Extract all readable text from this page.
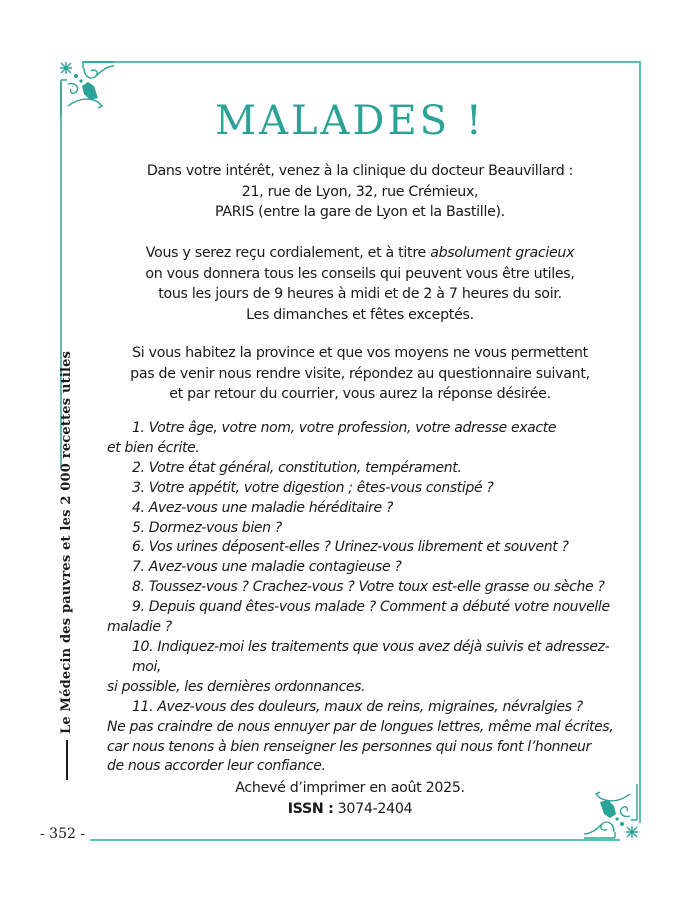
MALADES !
Dans votre intérêt, venez à la clinique du docteur Beauvillard :
21, rue de Lyon, 32, rue Crémieux,
PARIS (entre la gare de Lyon et la Bastille).
Vous y serez reçu cordialement, et à titre absolument gracieux
on vous donnera tous les conseils qui peuvent vous être utiles,
tous les jours de 9 heures à midi et de 2 à 7 heures du soir.
Les dimanches et fêtes exceptés.
Si vous habitez la province et que vos moyens ne vous permettent
pas de venir nous rendre visite, répondez au questionnaire suivant,
et par retour du courrier, vous aurez la réponse désirée.

1. Votre âge, votre nom, votre profession, votre adresse exacte

et bien écrite.

2. Votre état général, constitution, tempérament.

3. Votre appétit, votre digestion ; êtes-vous constipé ?

4. Avez-vous une maladie héréditaire ?

5. Dormez-vous bien ?

6. Vos urines déposent-elles ? Urinez-vous librement et souvent ?

7. Avez-vous une maladie contagieuse ?

8. Toussez-vous ? Crachez-vous ? Votre toux est-elle grasse ou sèche ?

9. Depuis quand êtes-vous malade ? Comment a débuté votre nouvelle

maladie ?

10. Indiquez-moi les traitements que vous avez déjà suivis et adressez-moi,

si possible, les dernières ordonnances.

11. Avez-vous des douleurs, maux de reins, migraines, névralgies ?

Ne pas craindre de nous ennuyer par de longues lettres, même mal écrites,

car nous tenons à bien renseigner les personnes qui nous font l’honneur

de nous accorder leur confiance.

Achevé d’imprimer en août 2025.
ISSN : 3074-2404
Le Médecin des pauvres et les 2 000 recettes utiles
- 352 -
